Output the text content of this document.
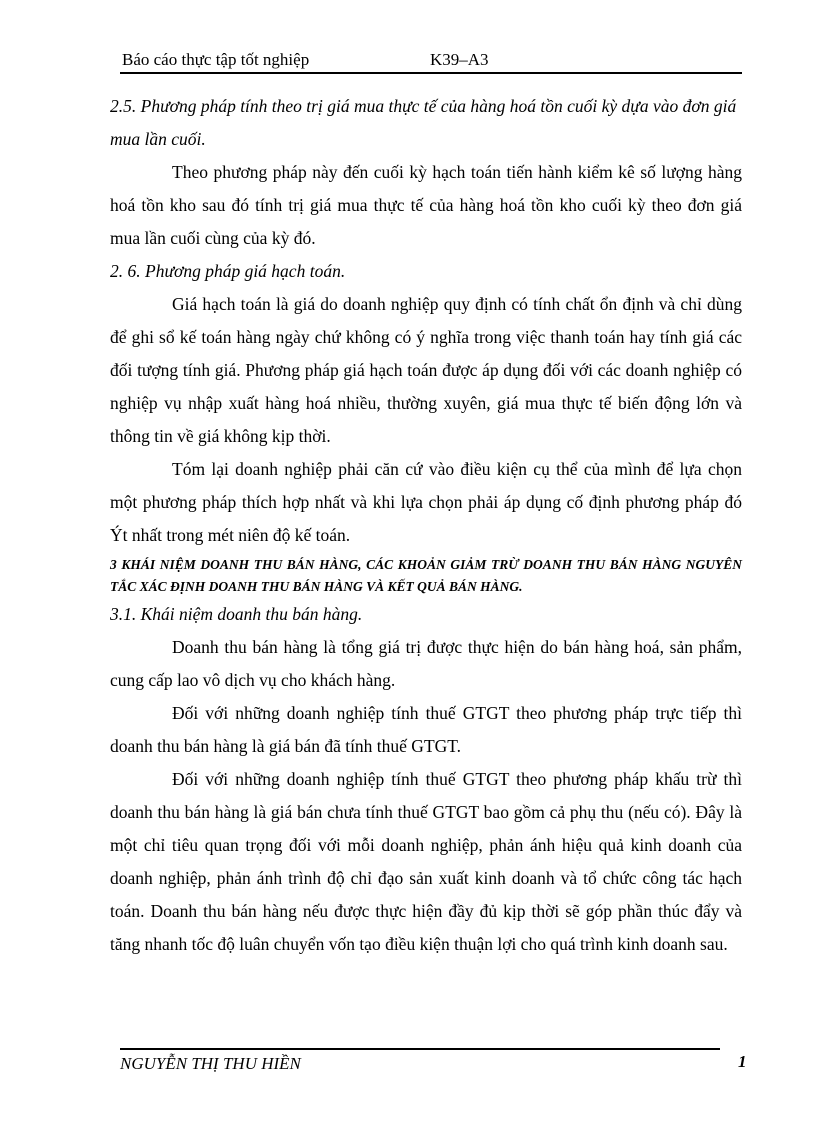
Báo cáo thực tập tốt nghiệp	K39–A3

2.5. Phương pháp tính theo trị giá mua thực tế của hàng hoá tồn cuối kỳ dựa vào đơn giá mua lần cuối.

Theo phương pháp này đến cuối kỳ hạch toán tiến hành kiểm kê số lượng hàng hoá tồn kho sau đó tính trị giá mua thực tế của hàng hoá tồn kho cuối kỳ theo đơn giá mua lần cuối cùng của kỳ đó.

2. 6. Phương pháp giá hạch toán.

Giá hạch toán là giá do doanh nghiệp quy định có tính chất ổn định và chỉ dùng để ghi sổ kế toán hàng ngày chứ không có ý nghĩa trong việc thanh toán hay tính giá các đối tượng tính giá. Phương pháp giá hạch toán được áp dụng đối với các doanh nghiệp có nghiệp vụ nhập xuất hàng hoá nhiều, thường xuyên, giá mua thực tế biến động lớn và thông tin về giá không kịp thời.

Tóm lại doanh nghiệp phải căn cứ vào điều kiện cụ thể của mình để lựa chọn một phương pháp thích hợp nhất và khi lựa chọn phải áp dụng cố định phương pháp đó Ýt nhất trong mét niên độ kế toán.

3 KHÁI NIỆM DOANH THU BÁN HÀNG, CÁC KHOẢN GIẢM TRỪ DOANH THU BÁN HÀNG NGUYÊN TẮC XÁC ĐỊNH DOANH THU BÁN HÀNG VÀ KẾT QUẢ BÁN HÀNG.

3.1. Khái niệm doanh thu bán hàng.

Doanh thu bán hàng là tổng giá trị được thực hiện do bán hàng hoá, sản phẩm, cung cấp lao vô dịch vụ cho khách hàng.

Đối với những doanh nghiệp tính thuế GTGT theo phương pháp trực tiếp thì doanh thu bán hàng là giá bán đã tính thuế GTGT.

Đối với những doanh nghiệp tính thuế GTGT theo phương pháp khấu trừ thì doanh thu bán hàng là giá bán chưa tính thuế GTGT bao gồm cả phụ thu (nếu có). Đây là một chỉ tiêu quan trọng đối với mỗi doanh nghiệp, phản ánh hiệu quả kinh doanh của doanh nghiệp, phản ánh trình độ chỉ đạo sản xuất kinh doanh và tổ chức công tác hạch toán. Doanh thu bán hàng nếu được thực hiện đầy đủ kịp thời sẽ góp phần thúc đẩy và tăng nhanh tốc độ luân chuyển vốn tạo điều kiện thuận lợi cho quá trình kinh doanh sau.

NGUYỄN THỊ THU HIỀN	1
